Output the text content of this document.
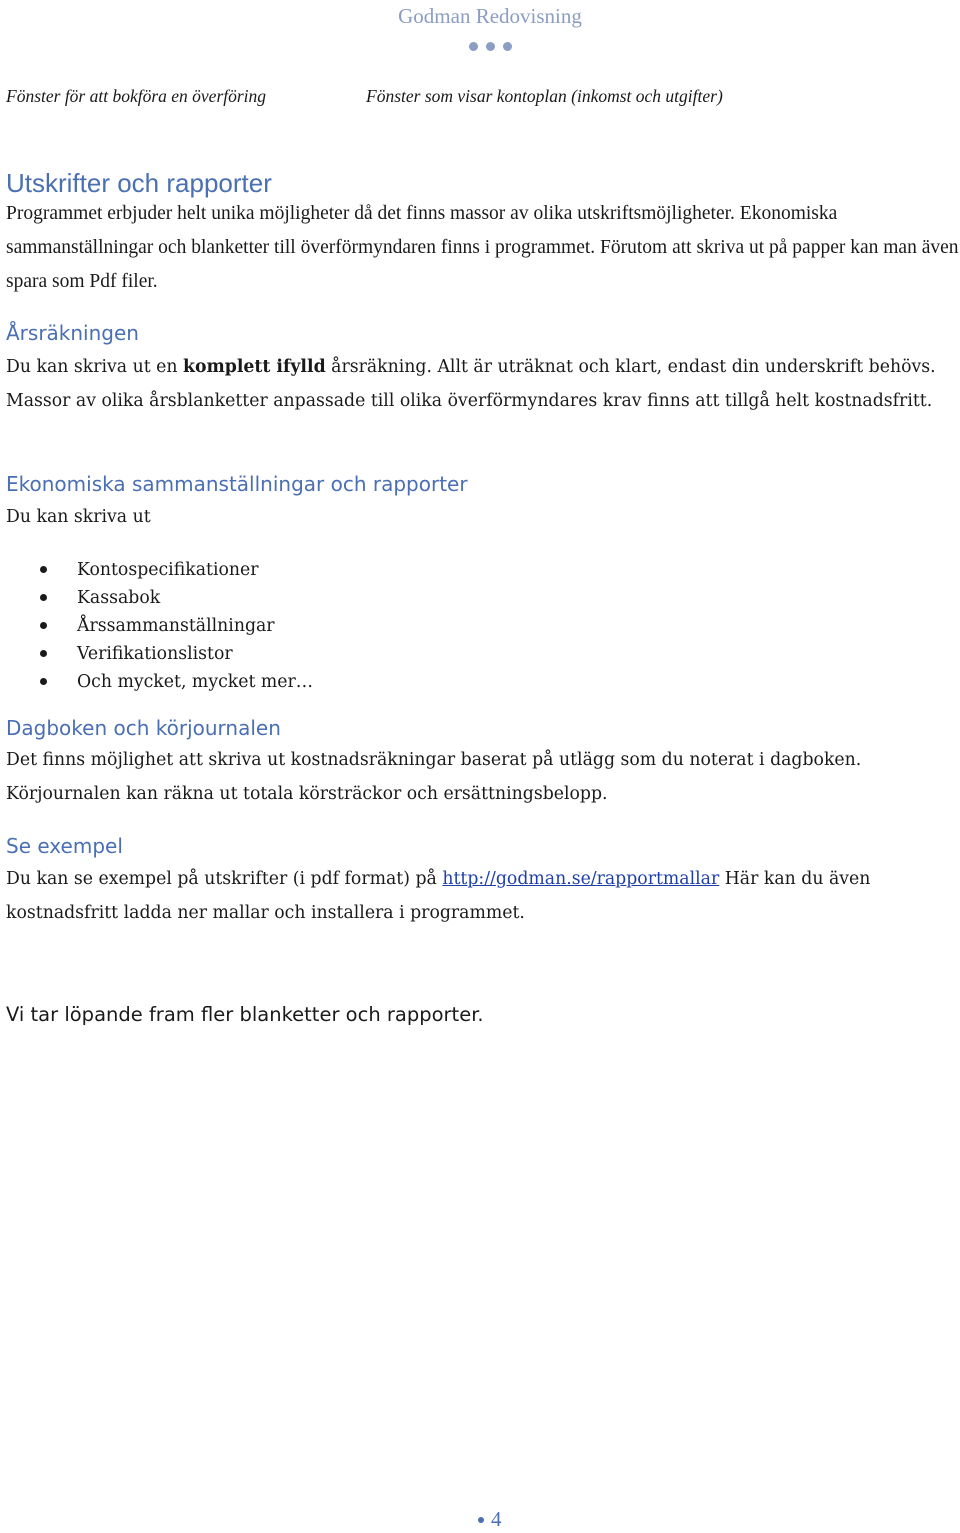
Godman Redovisning
Fönster för att bokföra en överföring	Fönster som visar kontoplan (inkomst och utgifter)
Utskrifter och rapporter
Programmet erbjuder helt unika möjligheter då det finns massor av olika utskriftsmöjligheter. Ekonomiska sammanställningar och blanketter till överförmyndaren finns i programmet. Förutom att skriva ut på papper kan man även spara som Pdf filer.
Årsräkningen
Du kan skriva ut en komplett ifylld årsräkning. Allt är uträknat och klart, endast din underskrift behövs. Massor av olika årsblanketter anpassade till olika överförmyndares krav finns att tillgå helt kostnadsfritt.
Ekonomiska sammanställningar och rapporter
Du kan skriva ut
Kontospecifikationer
Kassabok
Årssammanställningar
Verifikationslistor
Och mycket, mycket mer…
Dagboken och körjournalen
Det finns möjlighet att skriva ut kostnadsräkningar baserat på utlägg som du noterat i dagboken. Körjournalen kan räkna ut totala körsträckor och ersättningsbelopp.
Se exempel
Du kan se exempel på utskrifter (i pdf format) på http://godman.se/rapportmallar Här kan du även kostnadsfritt ladda ner mallar och installera i programmet.
Vi tar löpande fram fler blanketter och rapporter.
4
